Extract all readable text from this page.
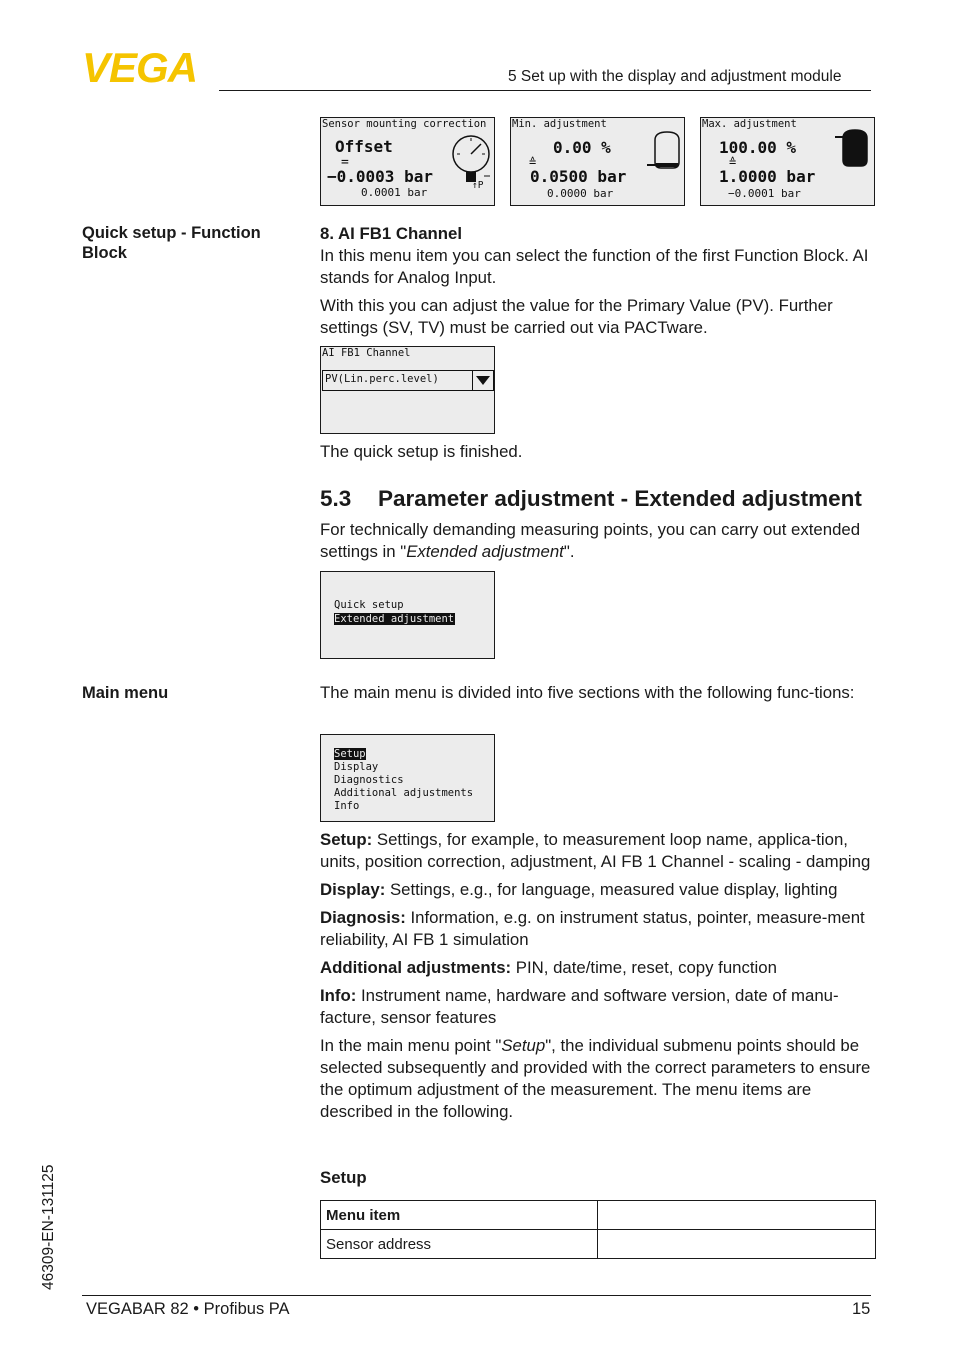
VEGA	5 Set up with the display and adjustment module
Sensor mounting correction
Offset
=
−0.0003 bar
0.0001 bar
↑P
Min. adjustment
0.00 %
≙
0.0500 bar
0.0000 bar
Max. adjustment
100.00 %
≙
1.0000 bar
−0.0001 bar
Quick setup - Function Block

8. AI FB1 Channel

In this menu item you can select the function of the first Function Block. AI stands for Analog Input.

With this you can adjust the value for the Primary Value (PV). Further settings (SV, TV) must be carried out via PACTware.

AI FB1 Channel
PV(Lin.perc.level)
The quick setup is finished.
5.3 Parameter adjustment - Extended adjustment
For technically demanding measuring points, you can carry out extended settings in "Extended adjustment".
Quick setup
Extended adjustment
Main menu	The main menu is divided into five sections with the following func-tions:
Setup
Display
Diagnostics
Additional adjustments
Info

Setup: Settings, for example, to measurement loop name, applica-tion, units, position correction, adjustment, AI FB 1 Channel - scaling - damping

Display: Settings, e.g., for language, measured value display, lighting

Diagnosis: Information, e.g. on instrument status, pointer, measure-ment reliability, AI FB 1 simulation

Additional adjustments: PIN, date/time, reset, copy function

Info: Instrument name, hardware and software version, date of manu-facture, sensor features

In the main menu point "Setup", the individual submenu points should be selected subsequently and provided with the correct parameters to ensure the optimum adjustment of the measurement. The menu items are described in the following.

Setup
Menu item	
Sensor address	
VEGABAR 82 • Profibus PA	15
46309-EN-131125
